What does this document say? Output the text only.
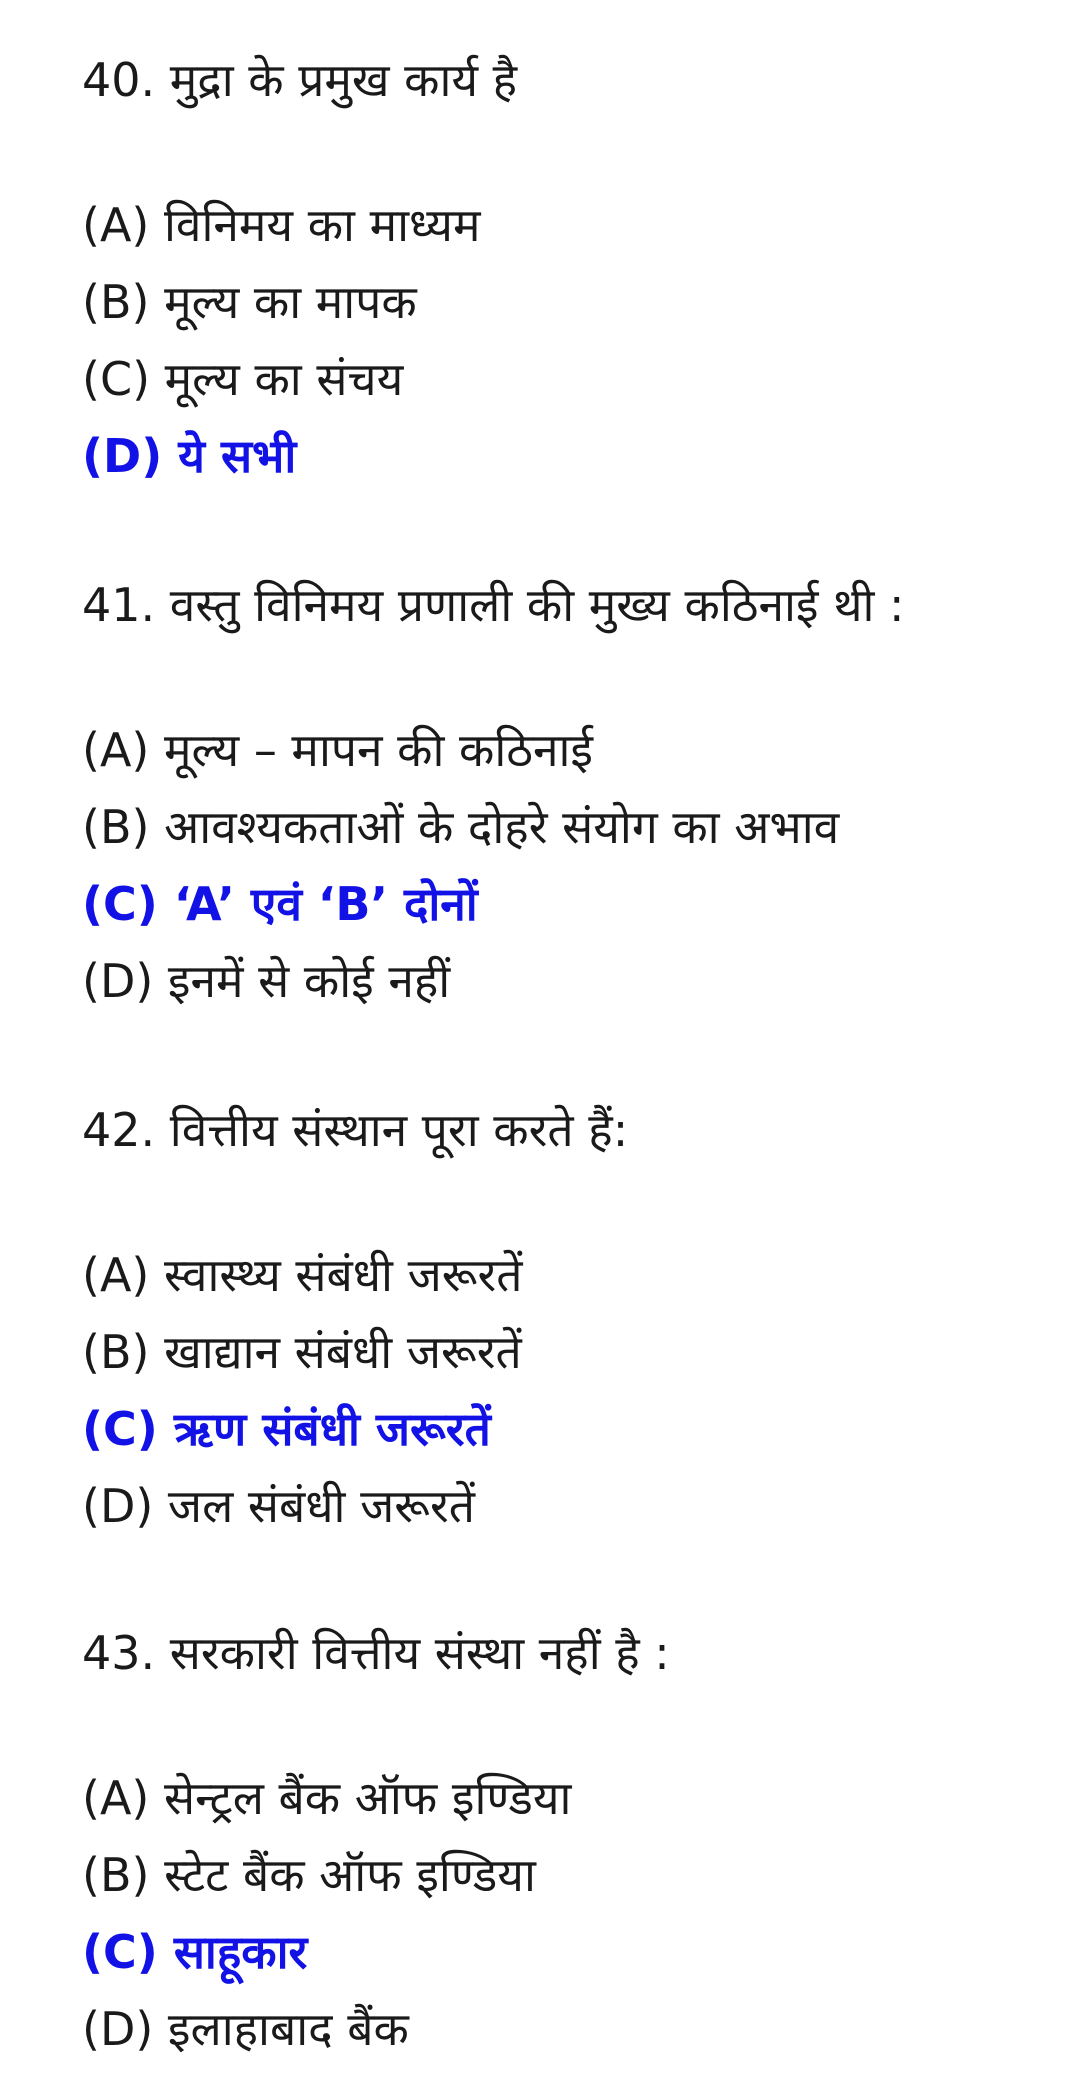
40. मुद्रा के प्रमुख कार्य है
(A) विनिमय का माध्यम
(B) मूल्य का मापक
(C) मूल्य का संचय
(D) ये सभी
41. वस्तु विनिमय प्रणाली की मुख्य कठिनाई थी :
(A) मूल्य – मापन की कठिनाई
(B) आवश्यकताओं के दोहरे संयोग का अभाव
(C) ‘A’ एवं ‘B’ दोनों
(D) इनमें से कोई नहीं
42. वित्तीय संस्थान पूरा करते हैं:
(A) स्वास्थ्य संबंधी जरूरतें
(B) खाद्यान संबंधी जरूरतें
(C) ऋण संबंधी जरूरतें
(D) जल संबंधी जरूरतें
43. सरकारी वित्तीय संस्था नहीं है :
(A) सेन्ट्रल बैंक ऑफ इण्डिया
(B) स्टेट बैंक ऑफ इण्डिया
(C) साहूकार
(D) इलाहाबाद बैंक
